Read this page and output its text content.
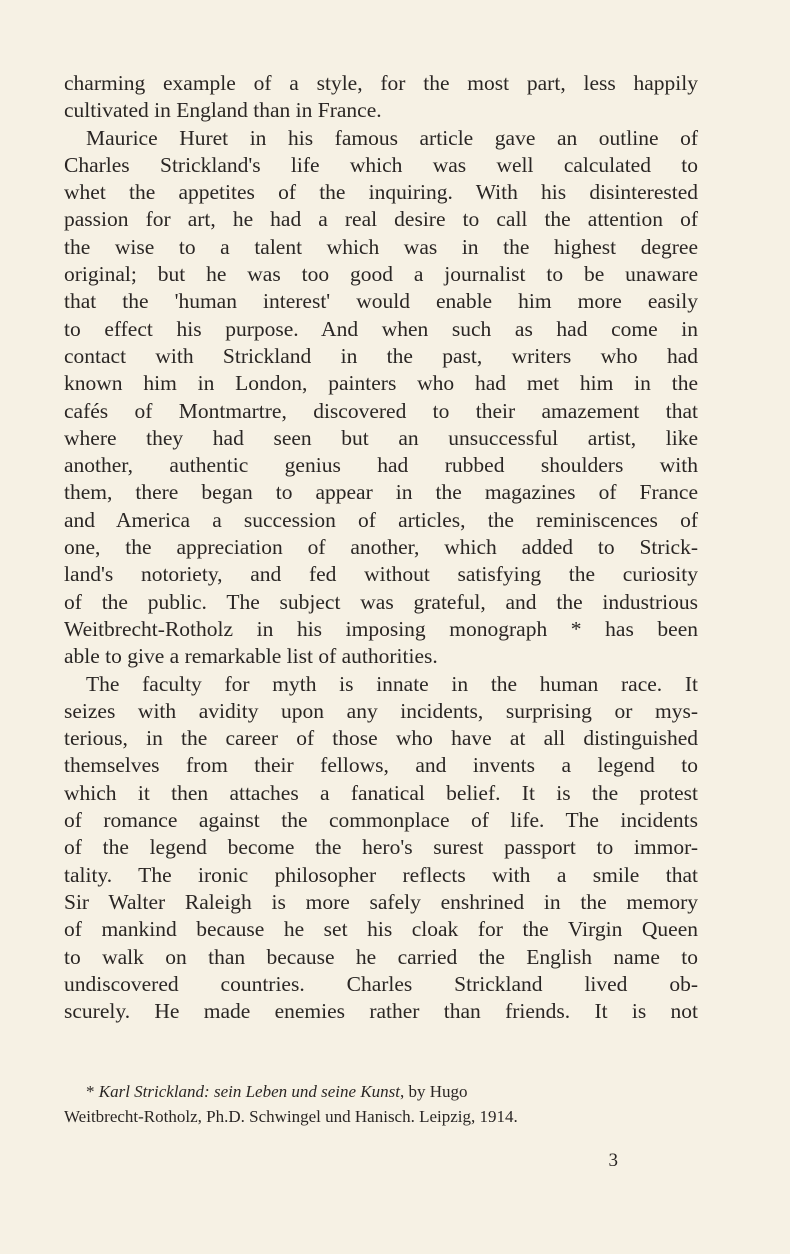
charming example of a style, for the most part, less happily
cultivated in England than in France.
Maurice Huret in his famous article gave an outline of
Charles Strickland's life which was well calculated to
whet the appetites of the inquiring. With his disinterested
passion for art, he had a real desire to call the attention of
the wise to a talent which was in the highest degree
original; but he was too good a journalist to be unaware
that the 'human interest' would enable him more easily
to effect his purpose. And when such as had come in
contact with Strickland in the past, writers who had
known him in London, painters who had met him in the
cafés of Montmartre, discovered to their amazement that
where they had seen but an unsuccessful artist, like
another, authentic genius had rubbed shoulders with
them, there began to appear in the magazines of France
and America a succession of articles, the reminiscences of
one, the appreciation of another, which added to Strick-
land's notoriety, and fed without satisfying the curiosity
of the public. The subject was grateful, and the industrious
Weitbrecht-Rotholz in his imposing monograph * has been
able to give a remarkable list of authorities.
The faculty for myth is innate in the human race. It
seizes with avidity upon any incidents, surprising or mys-
terious, in the career of those who have at all distinguished
themselves from their fellows, and invents a legend to
which it then attaches a fanatical belief. It is the protest
of romance against the commonplace of life. The incidents
of the legend become the hero's surest passport to immor-
tality. The ironic philosopher reflects with a smile that
Sir Walter Raleigh is more safely enshrined in the memory
of mankind because he set his cloak for the Virgin Queen
to walk on than because he carried the English name to
undiscovered countries. Charles Strickland lived ob-
scurely. He made enemies rather than friends. It is not
* Karl Strickland: sein Leben und seine Kunst, by Hugo
Weitbrecht-Rotholz, Ph.D. Schwingel und Hanisch. Leipzig, 1914.
3
